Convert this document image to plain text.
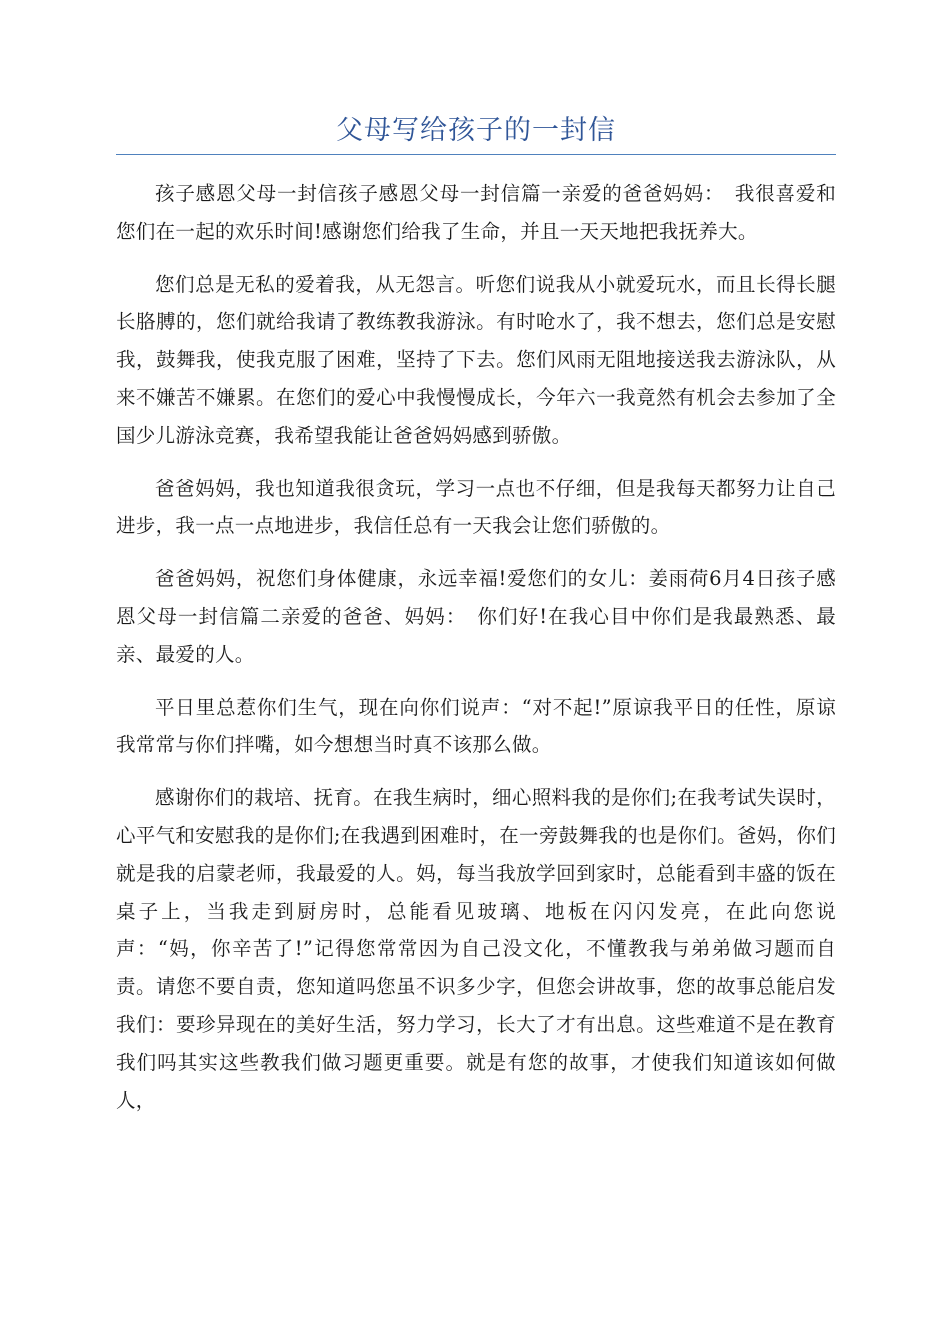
父母写给孩子的一封信

孩子感恩父母一封信孩子感恩父母一封信篇一亲爱的爸爸妈妈：　我很喜爱和您们在一起的欢乐时间!感谢您们给我了生命，并且一天天地把我抚养大。

您们总是无私的爱着我，从无怨言。听您们说我从小就爱玩水，而且长得长腿长胳膊的，您们就给我请了教练教我游泳。有时呛水了，我不想去，您们总是安慰我，鼓舞我，使我克服了困难，坚持了下去。您们风雨无阻地接送我去游泳队，从来不嫌苦不嫌累。在您们的爱心中我慢慢成长，今年六一我竟然有机会去参加了全国少儿游泳竞赛，我希望我能让爸爸妈妈感到骄傲。

爸爸妈妈，我也知道我很贪玩，学习一点也不仔细，但是我每天都努力让自己进步，我一点一点地进步，我信任总有一天我会让您们骄傲的。

爸爸妈妈，祝您们身体健康，永远幸福!爱您们的女儿：姜雨荷6月4日孩子感恩父母一封信篇二亲爱的爸爸、妈妈：　你们好!在我心目中你们是我最熟悉、最亲、最爱的人。

平日里总惹你们生气，现在向你们说声：“对不起!”原谅我平日的任性，原谅我常常与你们拌嘴，如今想想当时真不该那么做。

感谢你们的栽培、抚育。在我生病时，细心照料我的是你们;在我考试失误时，心平气和安慰我的是你们;在我遇到困难时，在一旁鼓舞我的也是你们。爸妈，你们就是我的启蒙老师，我最爱的人。妈，每当我放学回到家时，总能看到丰盛的饭在桌子上，当我走到厨房时，总能看见玻璃、地板在闪闪发亮，在此向您说声：“妈，你辛苦了!”记得您常常因为自己没文化，不懂教我与弟弟做习题而自责。请您不要自责，您知道吗您虽不识多少字，但您会讲故事，您的故事总能启发我们：要珍异现在的美好生活，努力学习，长大了才有出息。这些难道不是在教育我们吗其实这些教我们做习题更重要。就是有您的故事，才使我们知道该如何做人，
